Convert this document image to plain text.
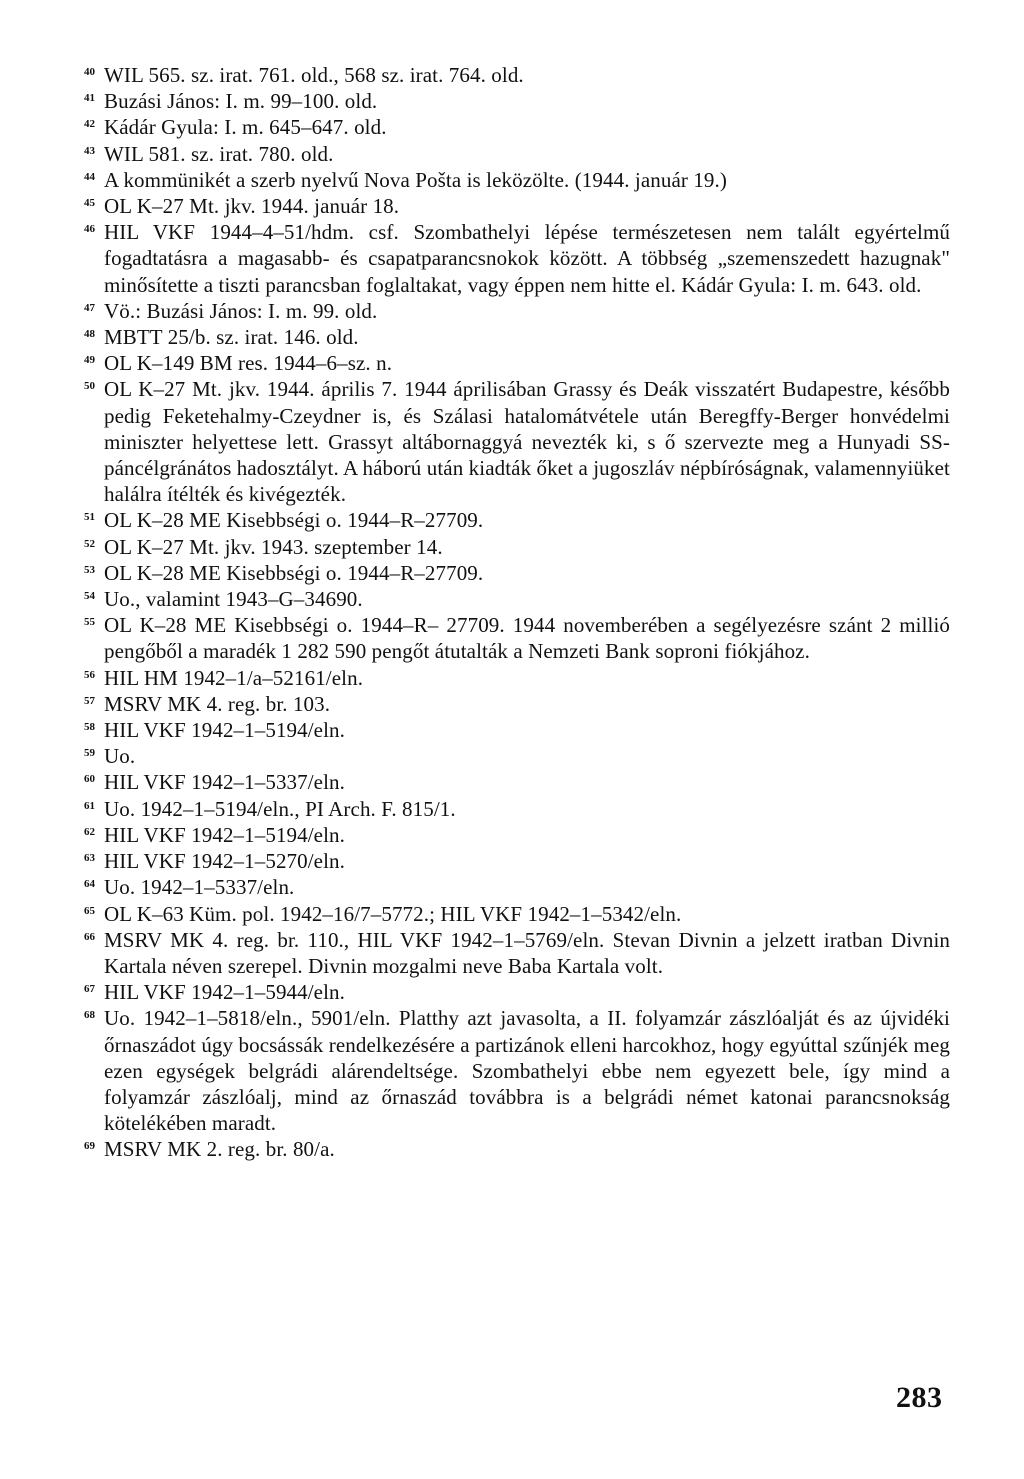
40 WIL 565. sz. irat. 761. old., 568 sz. irat. 764. old.

41 Buzási János: I. m. 99–100. old.

42 Kádár Gyula: I. m. 645–647. old.

43 WIL 581. sz. irat. 780. old.

44 A kommünikét a szerb nyelvű Nova Pošta is leközölte. (1944. január 19.)

45 OL K–27 Mt. jkv. 1944. január 18.

46 HIL VKF 1944–4–51/hdm. csf. Szombathelyi lépése természetesen nem talált egyértelmű fogadtatásra a magasabb- és csapatparancsnokok között. A többség „szemenszedett hazugnak" minősítette a tiszti parancsban foglaltakat, vagy éppen nem hitte el. Kádár Gyula: I. m. 643. old.

47 Vö.: Buzási János: I. m. 99. old.

48 MBTT 25/b. sz. irat. 146. old.

49 OL K–149 BM res. 1944–6–sz. n.

50 OL K–27 Mt. jkv. 1944. április 7. 1944 áprilisában Grassy és Deák visszatért Budapestre, később pedig Feketehalmy-Czeydner is, és Szálasi hatalomátvétele után Beregffy-Berger honvédelmi miniszter helyettese lett. Grassyt altábornaggyá nevezték ki, s ő szervezte meg a Hunyadi SS-páncélgránátos hadosztályt. A háború után kiadták őket a jugoszláv népbíróságnak, valamennyiüket halálra ítélték és kivégezték.

51 OL K–28 ME Kisebbségi o. 1944–R–27709.

52 OL K–27 Mt. jkv. 1943. szeptember 14.

53 OL K–28 ME Kisebbségi o. 1944–R–27709.

54 Uo., valamint 1943–G–34690.

55 OL K–28 ME Kisebbségi o. 1944–R– 27709. 1944 novemberében a segélyezésre szánt 2 millió pengőből a maradék 1 282 590 pengőt átutalták a Nemzeti Bank soproni fiókjához.

56 HIL HM 1942–1/a–52161/eln.

57 MSRV MK 4. reg. br. 103.

58 HIL VKF 1942–1–5194/eln.

59 Uo.

60 HIL VKF 1942–1–5337/eln.

61 Uo. 1942–1–5194/eln., PI Arch. F. 815/1.

62 HIL VKF 1942–1–5194/eln.

63 HIL VKF 1942–1–5270/eln.

64 Uo. 1942–1–5337/eln.

65 OL K–63 Küm. pol. 1942–16/7–5772.; HIL VKF 1942–1–5342/eln.

66 MSRV MK 4. reg. br. 110., HIL VKF 1942–1–5769/eln. Stevan Divnin a jelzett iratban Divnin Kartala néven szerepel. Divnin mozgalmi neve Baba Kartala volt.

67 HIL VKF 1942–1–5944/eln.

68 Uo. 1942–1–5818/eln., 5901/eln. Platthy azt javasolta, a II. folyamzár zászlóalját és az újvidéki őrnaszádot úgy bocsássák rendelkezésére a partizánok elleni harcokhoz, hogy egyúttal szűnjék meg ezen egységek belgrádi alárendeltsége. Szombathelyi ebbe nem egyezett bele, így mind a folyamzár zászlóalj, mind az őrnaszád továbbra is a belgrádi német katonai parancsnokság kötelékében maradt.

69 MSRV MK 2. reg. br. 80/a.

283
